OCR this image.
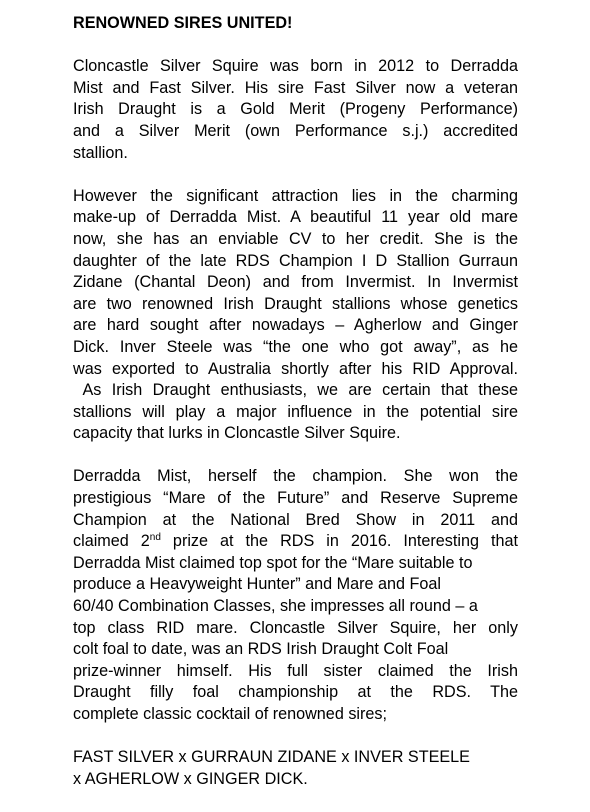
RENOWNED SIRES UNITED!
Cloncastle Silver Squire was born in 2012 to Derradda
Mist and Fast Silver. His sire Fast Silver now a veteran
Irish Draught is a Gold Merit (Progeny Performance)
and a Silver Merit (own Performance s.j.) accredited
stallion.
However the significant attraction lies in the charming
make-up of Derradda Mist. A beautiful 11 year old mare
now, she has an enviable CV to her credit. She is the
daughter of the late RDS Champion I D Stallion Gurraun
Zidane (Chantal Deon) and from Invermist. In Invermist
are two renowned Irish Draught stallions whose genetics
are hard sought after nowadays – Agherlow and Ginger
Dick. Inver Steele was “the one who got away”, as he
was exported to Australia shortly after his RID Approval.
As Irish Draught enthusiasts, we are certain that these
stallions will play a major influence in the potential sire
capacity that lurks in Cloncastle Silver Squire.
Derradda Mist, herself the champion. She won the
prestigious “Mare of the Future” and Reserve Supreme
Champion at the National Bred Show in 2011 and
claimed 2nd prize at the RDS in 2016. Interesting that
Derradda Mist claimed top spot for the “Mare suitable to
produce a Heavyweight Hunter” and Mare and Foal
60/40 Combination Classes, she impresses all round – a
top class RID mare. Cloncastle Silver Squire, her only
colt foal to date, was an RDS Irish Draught Colt Foal
prize-winner himself. His full sister claimed the Irish
Draught filly foal championship at the RDS. The
complete classic cocktail of renowned sires;
FAST SILVER x GURRAUN ZIDANE x INVER STEELE
x AGHERLOW x GINGER DICK.
